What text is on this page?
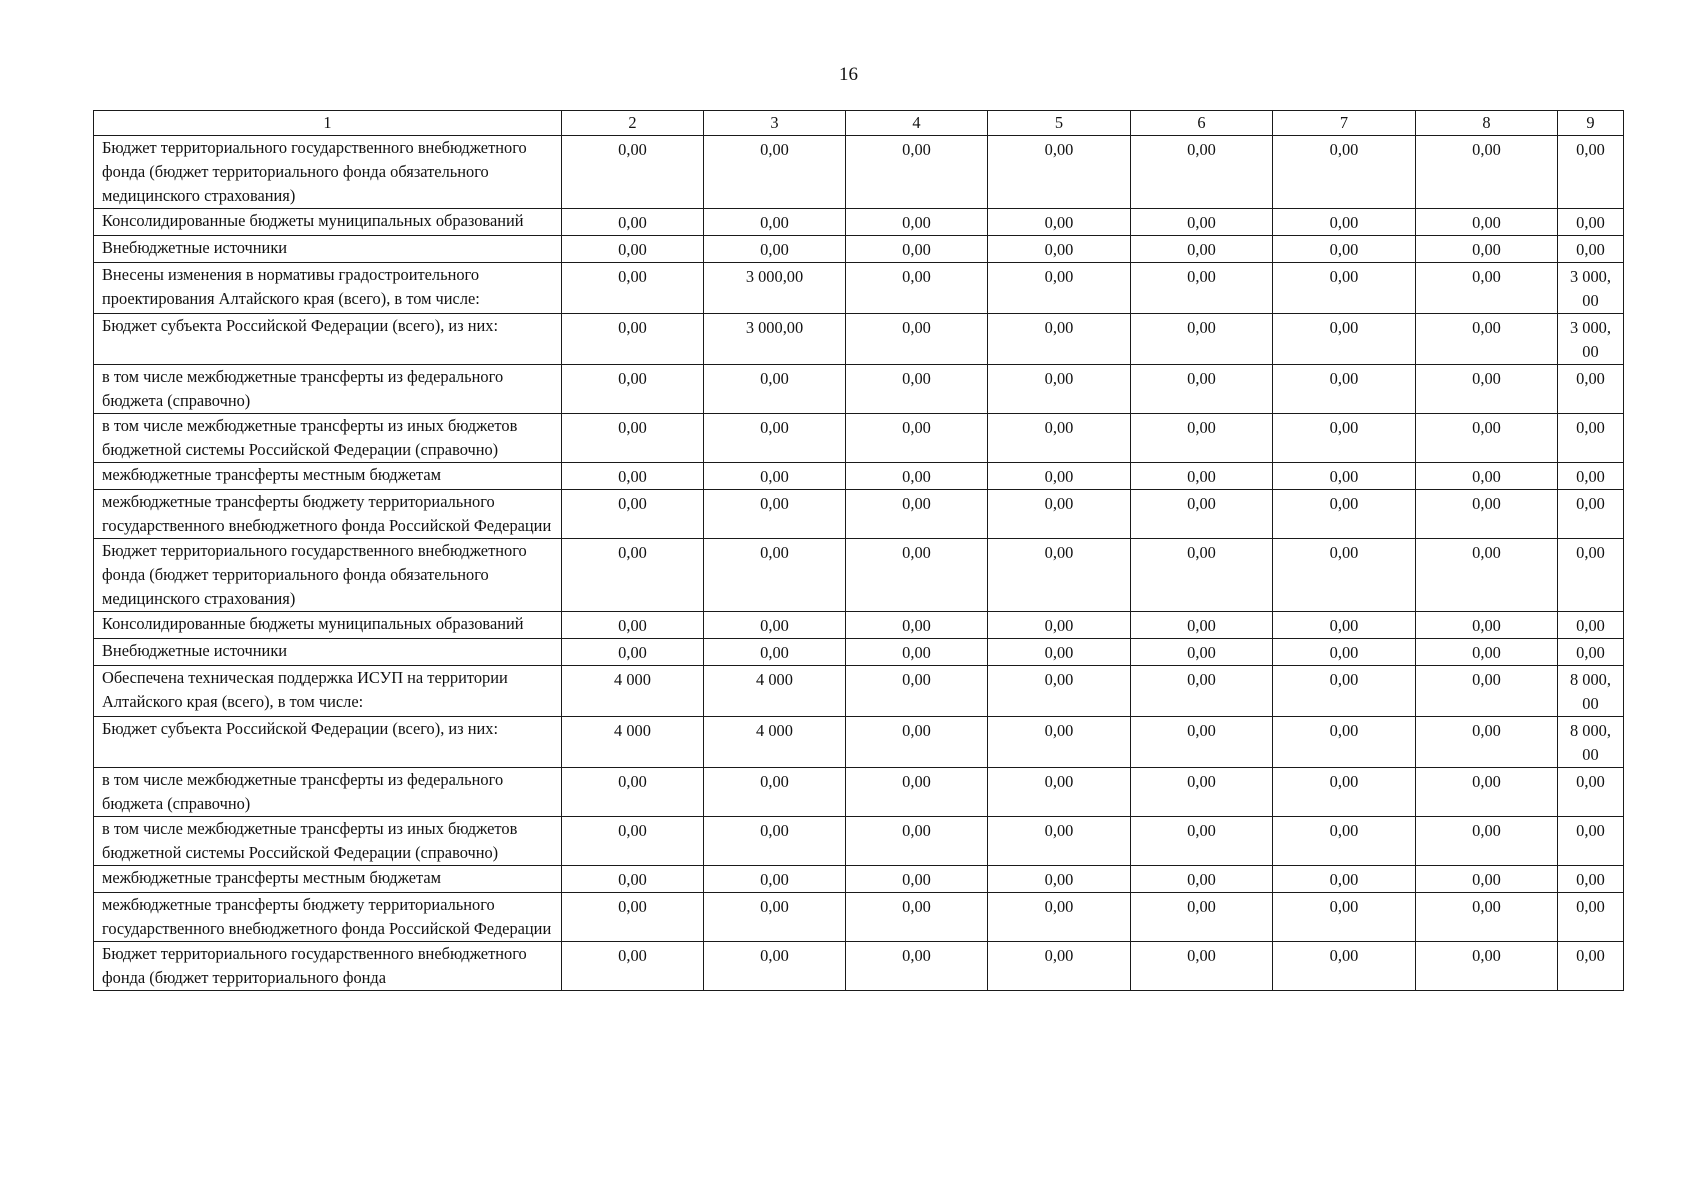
16
1	2	3	4	5	6	7	8	9
Бюджет территориального государственного внебюджетного фонда (бюджет территориального фонда обязательного медицинского страхования)	0,00	0,00	0,00	0,00	0,00	0,00	0,00	0,00
Консолидированные бюджеты муниципальных образований	0,00	0,00	0,00	0,00	0,00	0,00	0,00	0,00
Внебюджетные источники	0,00	0,00	0,00	0,00	0,00	0,00	0,00	0,00
Внесены изменения в нормативы градостроительного проектирования Алтайского края (всего), в том числе:	0,00	3 000,00	0,00	0,00	0,00	0,00	0,00	3 000, 00
Бюджет субъекта Российской Федерации (всего), из них:	0,00	3 000,00	0,00	0,00	0,00	0,00	0,00	3 000, 00
в том числе межбюджетные трансферты из федерального бюджета (справочно)	0,00	0,00	0,00	0,00	0,00	0,00	0,00	0,00
в том числе межбюджетные трансферты из иных бюджетов бюджетной системы Российской Федерации (справочно)	0,00	0,00	0,00	0,00	0,00	0,00	0,00	0,00
межбюджетные трансферты местным бюджетам	0,00	0,00	0,00	0,00	0,00	0,00	0,00	0,00
межбюджетные трансферты бюджету территориального государственного внебюджетного фонда Российской Федерации	0,00	0,00	0,00	0,00	0,00	0,00	0,00	0,00
Бюджет территориального государственного внебюджетного фонда (бюджет территориального фонда обязательного медицинского страхования)	0,00	0,00	0,00	0,00	0,00	0,00	0,00	0,00
Консолидированные бюджеты муниципальных образований	0,00	0,00	0,00	0,00	0,00	0,00	0,00	0,00
Внебюджетные источники	0,00	0,00	0,00	0,00	0,00	0,00	0,00	0,00
Обеспечена техническая поддержка ИСУП на территории Алтайского края (всего), в том числе:	4 000	4 000	0,00	0,00	0,00	0,00	0,00	8 000, 00
Бюджет субъекта Российской Федерации (всего), из них:	4 000	4 000	0,00	0,00	0,00	0,00	0,00	8 000, 00
в том числе межбюджетные трансферты из федерального бюджета (справочно)	0,00	0,00	0,00	0,00	0,00	0,00	0,00	0,00
в том числе межбюджетные трансферты из иных бюджетов бюджетной системы Российской Федерации (справочно)	0,00	0,00	0,00	0,00	0,00	0,00	0,00	0,00
межбюджетные трансферты местным бюджетам	0,00	0,00	0,00	0,00	0,00	0,00	0,00	0,00
межбюджетные трансферты бюджету территориального государственного внебюджетного фонда Российской Федерации	0,00	0,00	0,00	0,00	0,00	0,00	0,00	0,00
Бюджет территориального государственного внебюджетного фонда (бюджет территориального фонда	0,00	0,00	0,00	0,00	0,00	0,00	0,00	0,00
